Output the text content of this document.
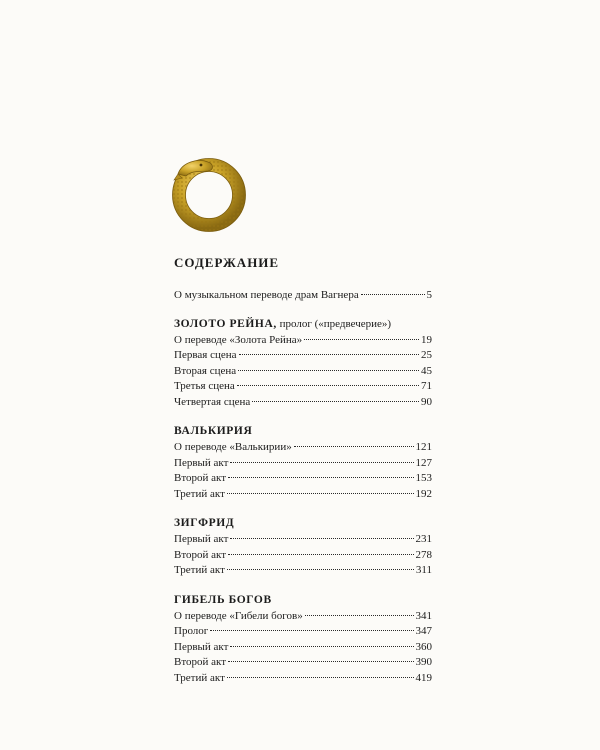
СОДЕРЖАНИЕ
О музыкальном переводе драм Вагнера	5
ЗОЛОТО РЕЙНА, пролог («предвечерие»)
О переводе «Золота Рейна»	19
Первая сцена	25
Вторая сцена	45
Третья сцена	71
Четвертая сцена	90
ВАЛЬКИРИЯ
О переводе «Валькирии»	121
Первый акт	127
Второй акт	153
Третий акт	192
ЗИГФРИД
Первый акт	231
Второй акт	278
Третий акт	311
ГИБЕЛЬ БОГОВ
О переводе «Гибели богов»	341
Пролог	347
Первый акт	360
Второй акт	390
Третий акт	419
